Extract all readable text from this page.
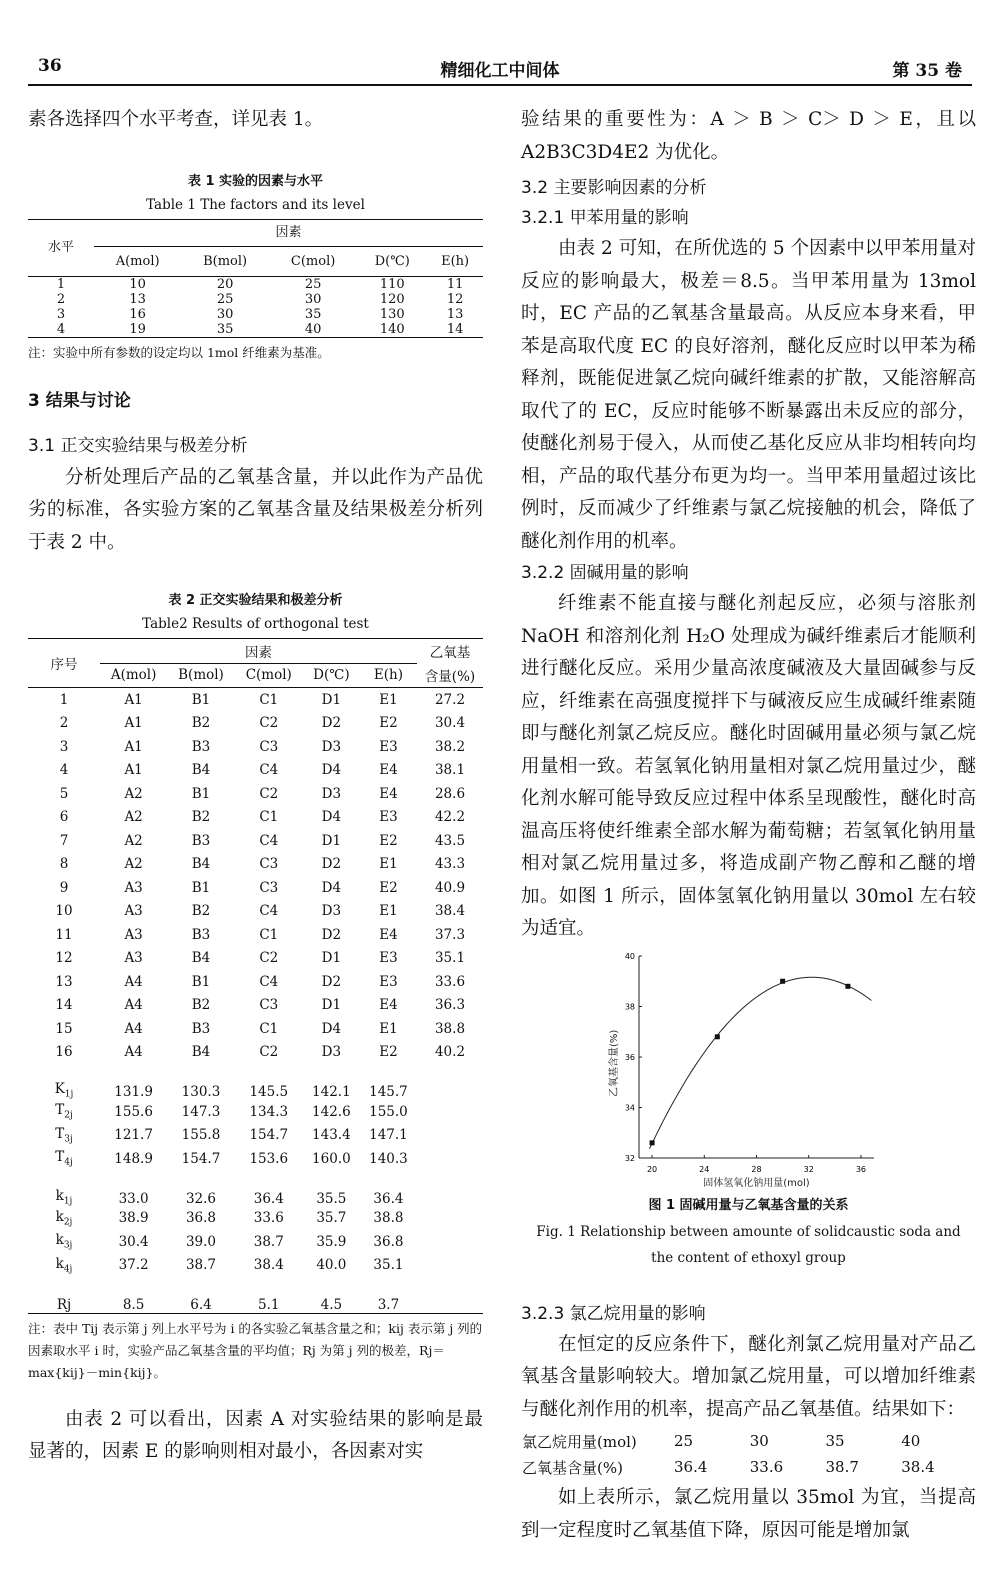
36	精细化工中间体	第 35 卷

素各选择四个水平考查，详见表 1。

表 1 实验的因素与水平
Table 1 The factors and its level
水平	因素				
	A(mol)	B(mol)	C(mol)	D(℃)	E(h)
1	10	20	25	110	11
2	13	25	30	120	12
3	16	30	35	130	13
4	19	35	40	140	14

注：实验中所有参数的设定均以 1mol 纤维素为基准。

3 结果与讨论

3.1 正交实验结果与极差分析

分析处理后产品的乙氧基含量，并以此作为产品优劣的标准，各实验方案的乙氧基含量及结果极差分析列于表 2 中。

表 2 正交实验结果和极差分析
Table2 Results of orthogonal test
序号	因素					乙氧基
	A(mol)	B(mol)	C(mol)	D(℃)	E(h)	含量(%)
1	A1	B1	C1	D1	E1	27.2
2	A1	B2	C2	D2	E2	30.4
3	A1	B3	C3	D3	E3	38.2
4	A1	B4	C4	D4	E4	38.1
5	A2	B1	C2	D3	E4	28.6
6	A2	B2	C1	D4	E3	42.2
7	A2	B3	C4	D1	E2	43.5
8	A2	B4	C3	D2	E1	43.3
9	A3	B1	C3	D4	E2	40.9
10	A3	B2	C4	D3	E1	38.4
11	A3	B3	C1	D2	E4	37.3
12	A3	B4	C2	D1	E3	35.1
13	A4	B1	C4	D2	E3	33.6
14	A4	B2	C3	D1	E4	36.3
15	A4	B3	C1	D4	E1	38.8
16	A4	B4	C2	D3	E2	40.2
$K_{1j}$	131.9	130.3	145.5	142.1	145.7	
$T_{2j}$	155.6	147.3	134.3	142.6	155.0	
$T_{3j}$	121.7	155.8	154.7	143.4	147.1	
$T_{4j}$	148.9	154.7	153.6	160.0	140.3	
$k_{1j}$	33.0	32.6	36.4	35.5	36.4	
$k_{2j}$	38.9	36.8	33.6	35.7	38.8	
$k_{3j}$	30.4	39.0	38.7	35.9	36.8	
$k_{4j}$	37.2	38.7	38.4	40.0	35.1	
Rj	8.5	6.4	5.1	4.5	3.7	

注：表中 Tij 表示第 j 列上水平号为 i 的各实验乙氧基含量之和；kij 表示第 j 列的因素取水平 i 时，实验产品乙氧基含量的平均值；Rj 为第 j 列的极差，Rj＝max{kij}－min{kij}。

由表 2 可以看出，因素 A 对实验结果的影响是最显著的，因素 E 的影响则相对最小，各因素对实

验结果的重要性为：A ＞ B ＞ C＞ D ＞ E，且以 A2B3C3D4E2 为优化。

3.2 主要影响因素的分析

3.2.1 甲苯用量的影响

由表 2 可知，在所优选的 5 个因素中以甲苯用量对反应的影响最大，极差＝8.5。当甲苯用量为 13mol 时，EC 产品的乙氧基含量最高。从反应本身来看，甲苯是高取代度 EC 的良好溶剂，醚化反应时以甲苯为稀释剂，既能促进氯乙烷向碱纤维素的扩散，又能溶解高取代了的 EC，反应时能够不断暴露出未反应的部分，使醚化剂易于侵入，从而使乙基化反应从非均相转向均相，产品的取代基分布更为均一。当甲苯用量超过该比例时，反而减少了纤维素与氯乙烷接触的机会，降低了醚化剂作用的机率。

3.2.2 固碱用量的影响

纤维素不能直接与醚化剂起反应，必须与溶胀剂 NaOH 和溶剂化剂 H₂O 处理成为碱纤维素后才能顺利进行醚化反应。采用少量高浓度碱液及大量固碱参与反应，纤维素在高强度搅拌下与碱液反应生成碱纤维素随即与醚化剂氯乙烷反应。醚化时固碱用量必须与氯乙烷用量相一致。若氢氧化钠用量相对氯乙烷用量过少，醚化剂水解可能导致反应过程中体系呈现酸性，醚化时高温高压将使纤维素全部水解为葡萄糖；若氢氧化钠用量相对氯乙烷用量过多，将造成副产物乙醇和乙醚的增加。如图 1 所示，固体氢氧化钠用量以 30mol 左右较为适宜。

20	24	28	32	36
32
34
36
38
40
乙氧基含量(%)
固体氢氧化钠用量(mol)
图 1 固碱用量与乙氧基含量的关系
Fig. 1 Relationship between amounte of solidcaustic soda and
the content of ethoxyl group

3.2.3 氯乙烷用量的影响

在恒定的反应条件下，醚化剂氯乙烷用量对产品乙氧基含量影响较大。增加氯乙烷用量，可以增加纤维素与醚化剂作用的机率，提高产品乙氧基值。结果如下：

氯乙烷用量(mol)	25	30	35	40
乙氧基含量(%)	36.4	33.6	38.7	38.4

如上表所示，氯乙烷用量以 35mol 为宜，当提高到一定程度时乙氧基值下降，原因可能是增加氯
